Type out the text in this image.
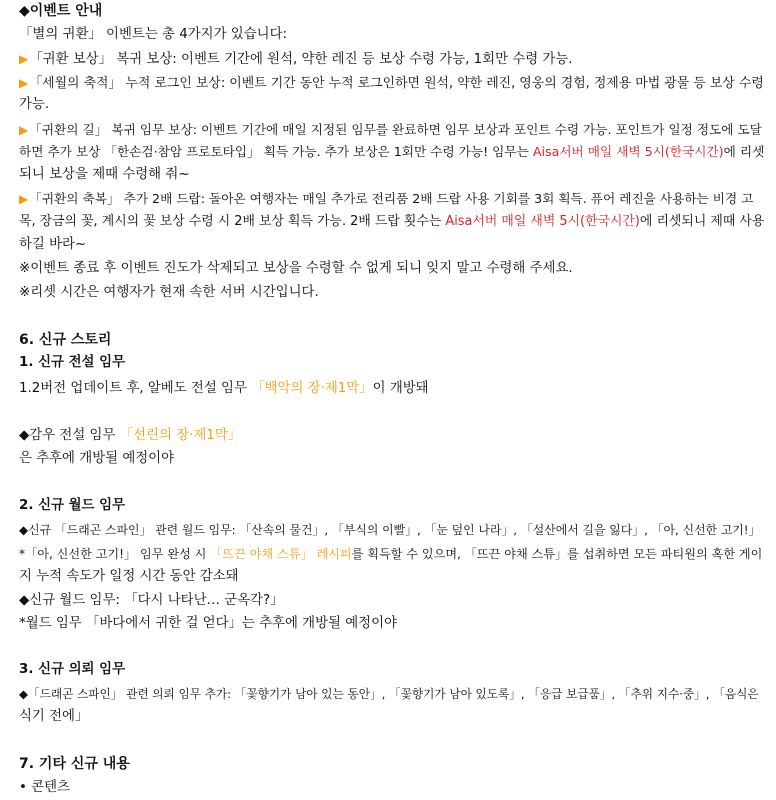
◆이벤트 안내
「별의 귀환」 이벤트는 총 4가지가 있습니다:
▶「귀환 보상」 복귀 보상: 이벤트 기간에 원석, 약한 레진 등 보상 수령 가능, 1회만 수령 가능.
▶「세월의 축적」 누적 로그인 보상: 이벤트 기간 동안 누적 로그인하면 원석, 약한 레진, 영웅의 경험, 정제용 마법 광물 등 보상 수령
가능.
▶「귀환의 길」 복귀 임무 보상: 이벤트 기간에 매일 지정된 임무를 완료하면 임무 보상과 포인트 수령 가능. 포인트가 일정 정도에 도달
하면 추가 보상 「한손검·참암 프로토타입」 획득 가능. 추가 보상은 1회만 수령 가능! 임무는 Aisa서버 매일 새벽 5시(한국시간)에 리셋
되니 보상을 제때 수령해 줘~
▶「귀환의 축복」 추가 2배 드랍: 돌아온 여행자는 매일 추가로 전리품 2배 드랍 사용 기회를 3회 획득. 퓨어 레진을 사용하는 비경 고
목, 장금의 꽃, 계시의 꽃 보상 수령 시 2배 보상 획득 가능. 2배 드랍 횟수는 Aisa서버 매일 새벽 5시(한국시간)에 리셋되니 제때 사용
하길 바라~
※이벤트 종료 후 이벤트 진도가 삭제되고 보상을 수령할 수 없게 되니 잊지 말고 수령해 주세요.
※리셋 시간은 여행자가 현재 속한 서버 시간입니다.
6. 신규 스토리
1. 신규 전설 임무
1.2버전 업데이트 후, 알베도 전설 임무 「백악의 장·제1막」이 개방돼
◆감우 전설 임무 「선린의 장·제1막」
은 추후에 개방될 예정이야
2. 신규 월드 임무
◆신규 「드래곤 스파인」 관련 월드 임무: 「산속의 물건」, 「부식의 이빨」, 「눈 덮인 나라」, 「설산에서 길을 잃다」, 「아, 신선한 고기!」
*「아, 신선한 고기!」 임무 완성 시 「뜨끈 야채 스튜」 레시피를 획득할 수 있으며, 「뜨끈 야채 스튜」를 섭취하면 모든 파티원의 혹한 게이
지 누적 속도가 일정 시간 동안 감소돼
◆신규 월드 임무: 「다시 나타난… 군옥각?」
*월드 임무 「바다에서 귀한 걸 얻다」는 추후에 개방될 예정이야
3. 신규 의뢰 임무
◆「드래곤 스파인」 관련 의뢰 임무 추가: 「꽃향기가 남아 있는 동안」, 「꽃향기가 남아 있도록」, 「응급 보급품」, 「추위 지수·중」, 「음식은
식기 전에」
7. 기타 신규 내용
• 콘텐츠
